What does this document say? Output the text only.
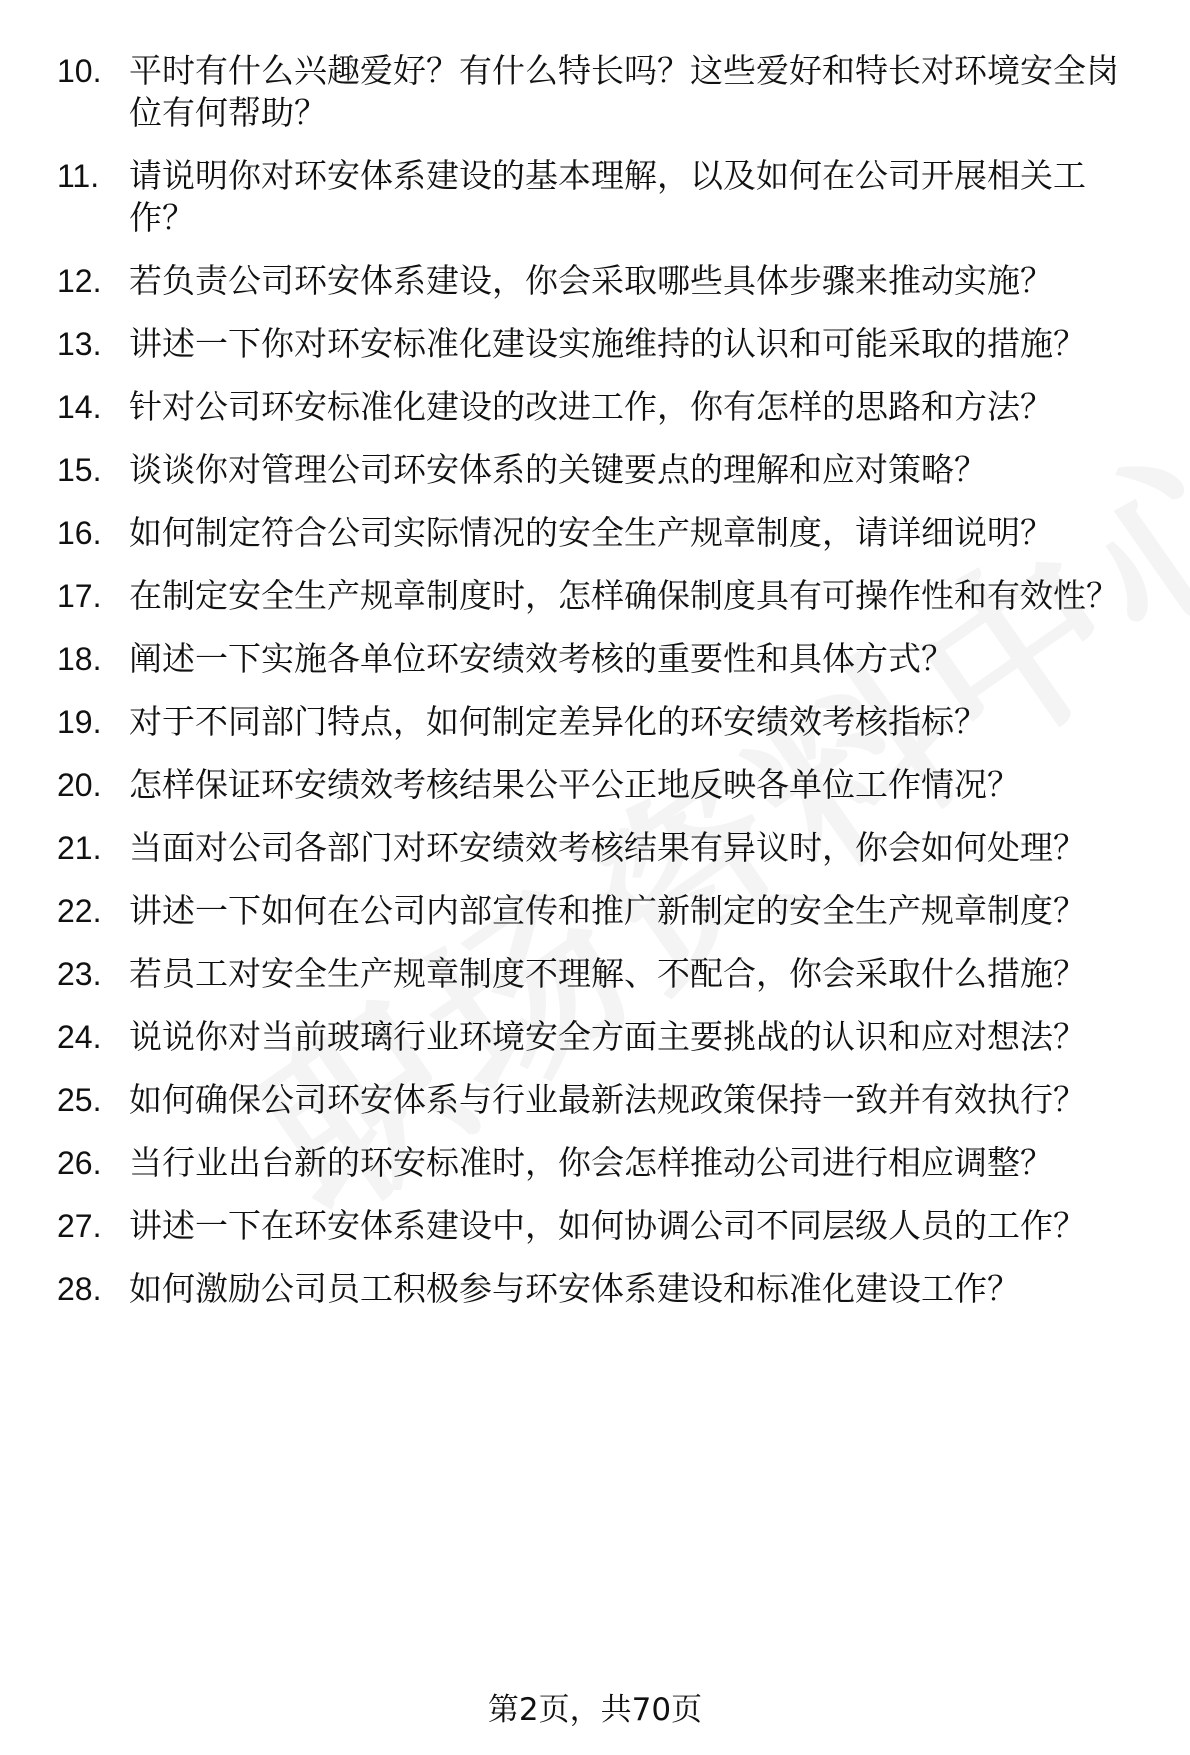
10. 平时有什么兴趣爱好？有什么特长吗？这些爱好和特长对环境安全岗位有何帮助？
11. 请说明你对环安体系建设的基本理解，以及如何在公司开展相关工作？
12. 若负责公司环安体系建设，你会采取哪些具体步骤来推动实施？
13. 讲述一下你对环安标准化建设实施维持的认识和可能采取的措施？
14. 针对公司环安标准化建设的改进工作，你有怎样的思路和方法？
15. 谈谈你对管理公司环安体系的关键要点的理解和应对策略？
16. 如何制定符合公司实际情况的安全生产规章制度，请详细说明？
17. 在制定安全生产规章制度时，怎样确保制度具有可操作性和有效性？
18. 阐述一下实施各单位环安绩效考核的重要性和具体方式？
19. 对于不同部门特点，如何制定差异化的环安绩效考核指标？
20. 怎样保证环安绩效考核结果公平公正地反映各单位工作情况？
21. 当面对公司各部门对环安绩效考核结果有异议时，你会如何处理？
22. 讲述一下如何在公司内部宣传和推广新制定的安全生产规章制度？
23. 若员工对安全生产规章制度不理解、不配合，你会采取什么措施？
24. 说说你对当前玻璃行业环境安全方面主要挑战的认识和应对想法？
25. 如何确保公司环安体系与行业最新法规政策保持一致并有效执行？
26. 当行业出台新的环安标准时，你会怎样推动公司进行相应调整？
27. 讲述一下在环安体系建设中，如何协调公司不同层级人员的工作？
28. 如何激励公司员工积极参与环安体系建设和标准化建设工作？
第2页，共70页
